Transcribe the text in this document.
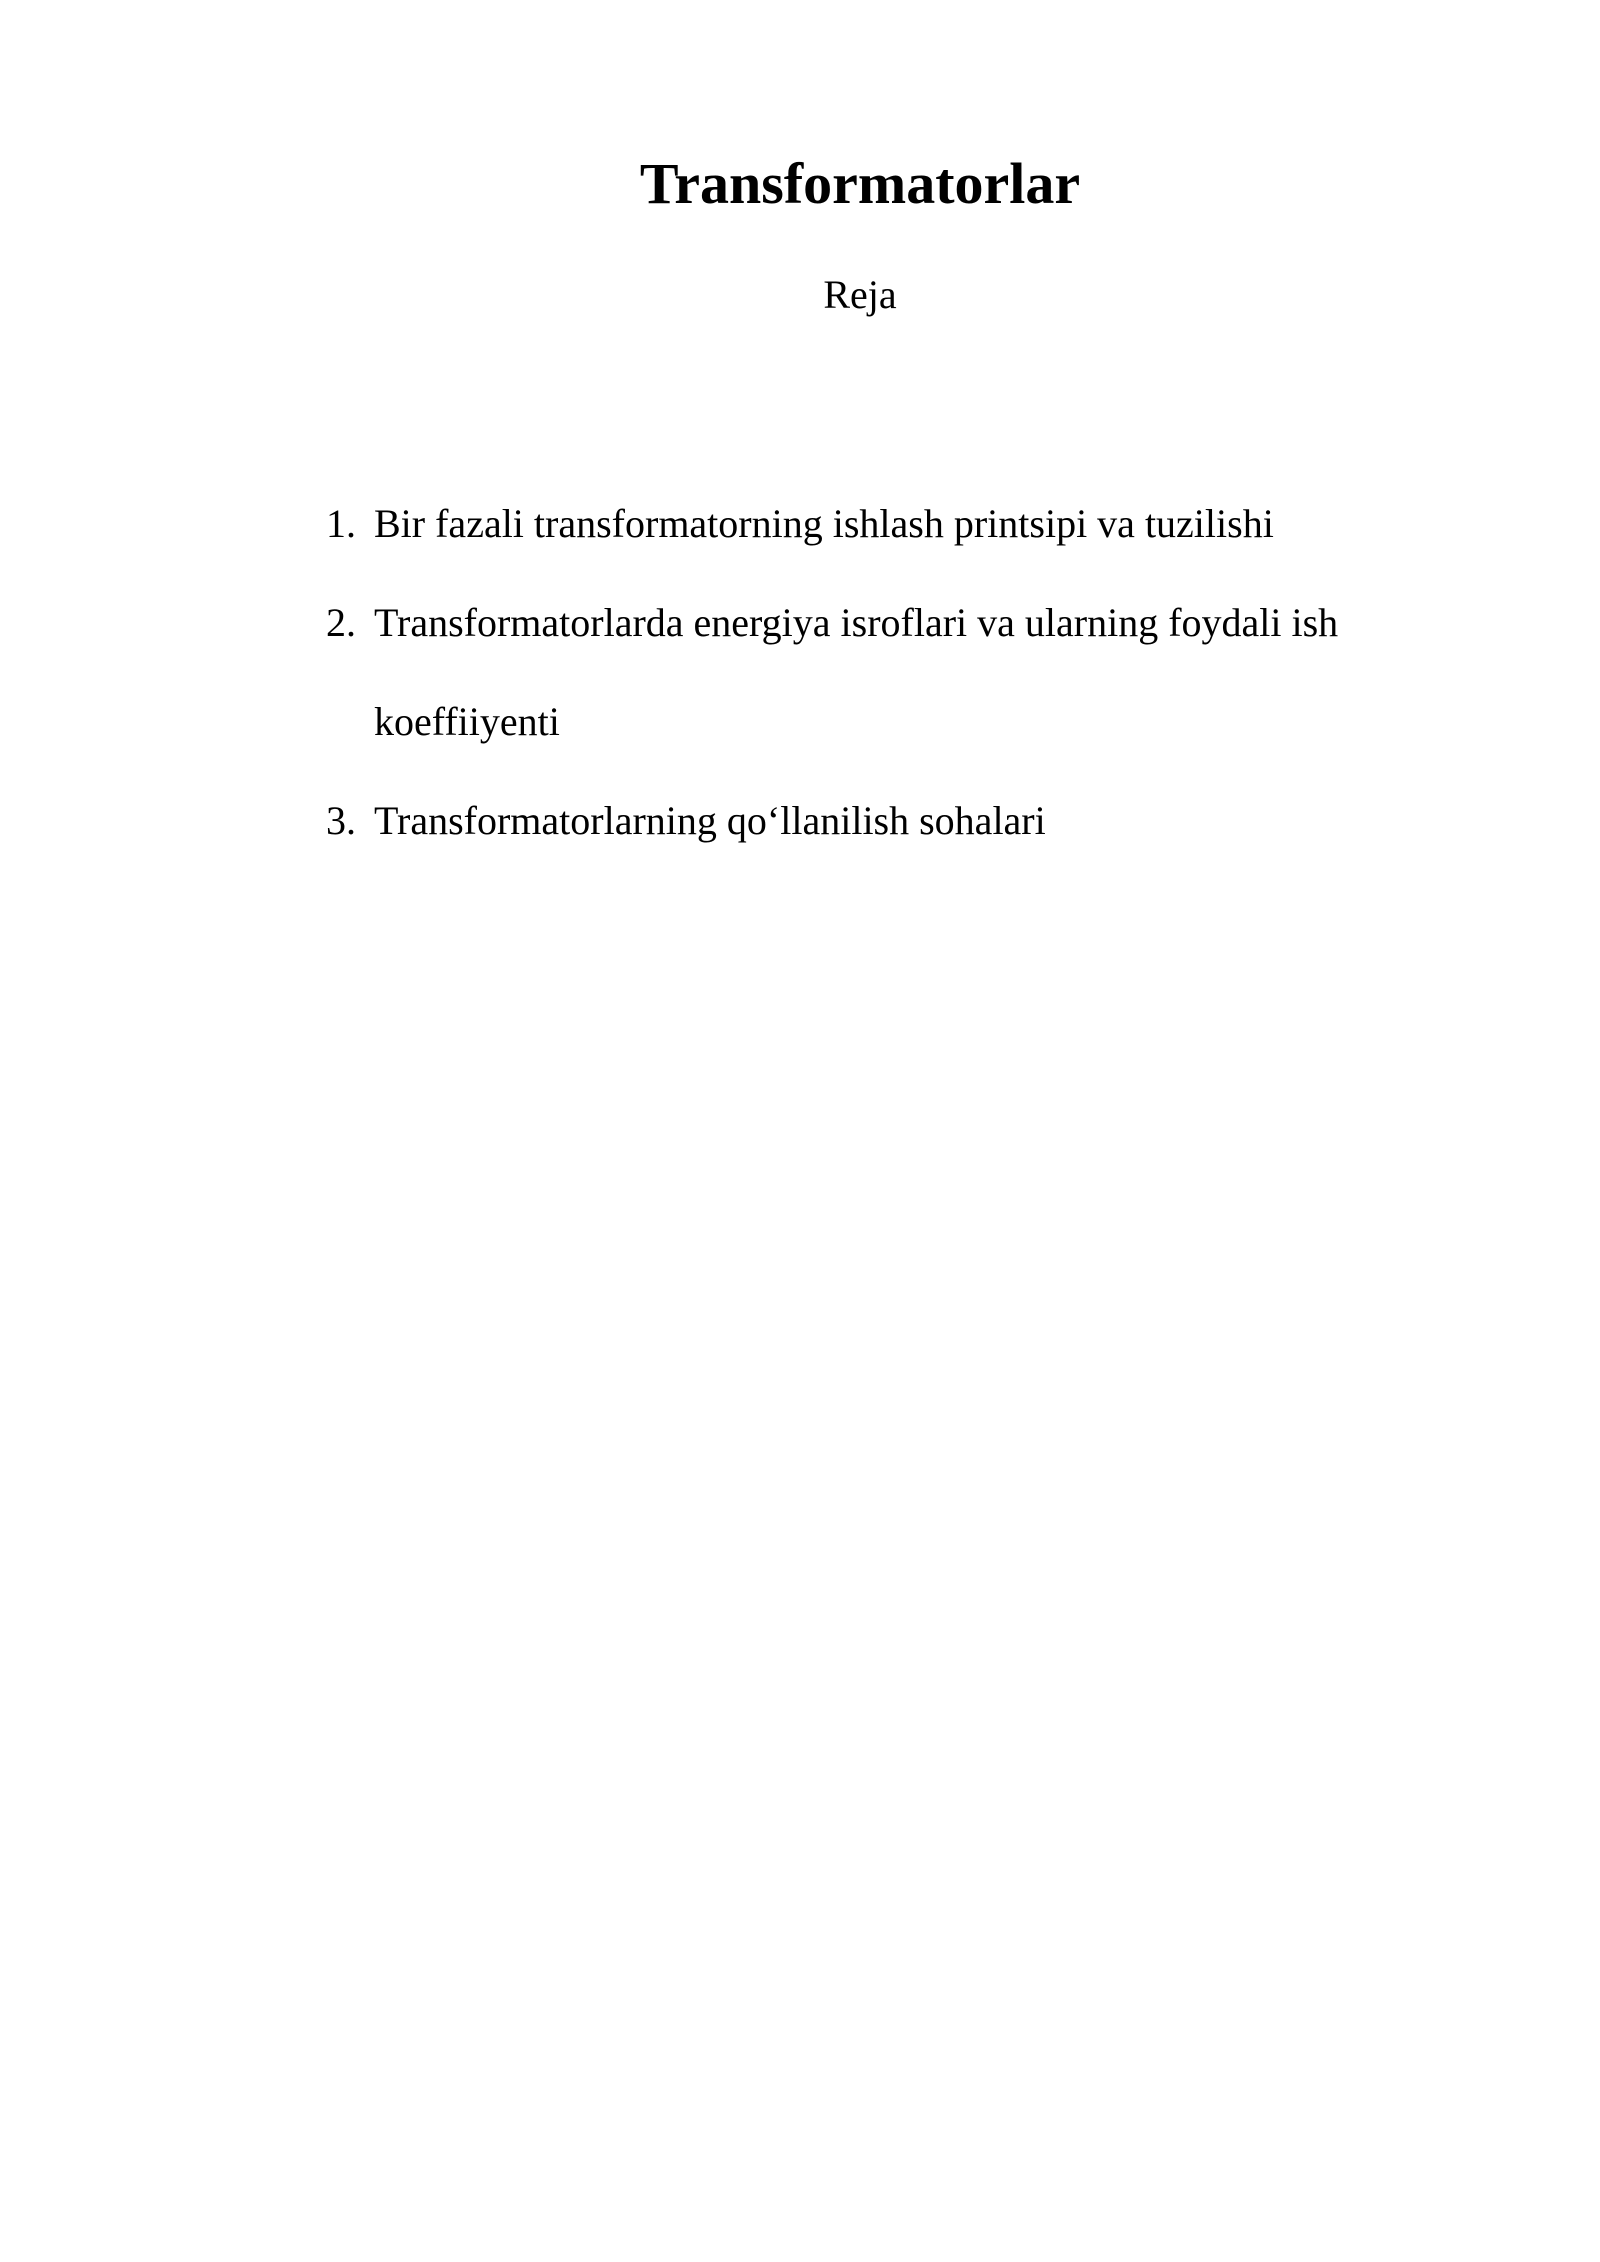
Transformatorlar

Reja

1. Bir fazali transformatorning ishlash printsipi va tuzilishi
2. Transformatorlarda energiya isroflari va ularning foydali ish koeffiiyenti
3. Transformatorlarning qo‘llanilish sohalari
